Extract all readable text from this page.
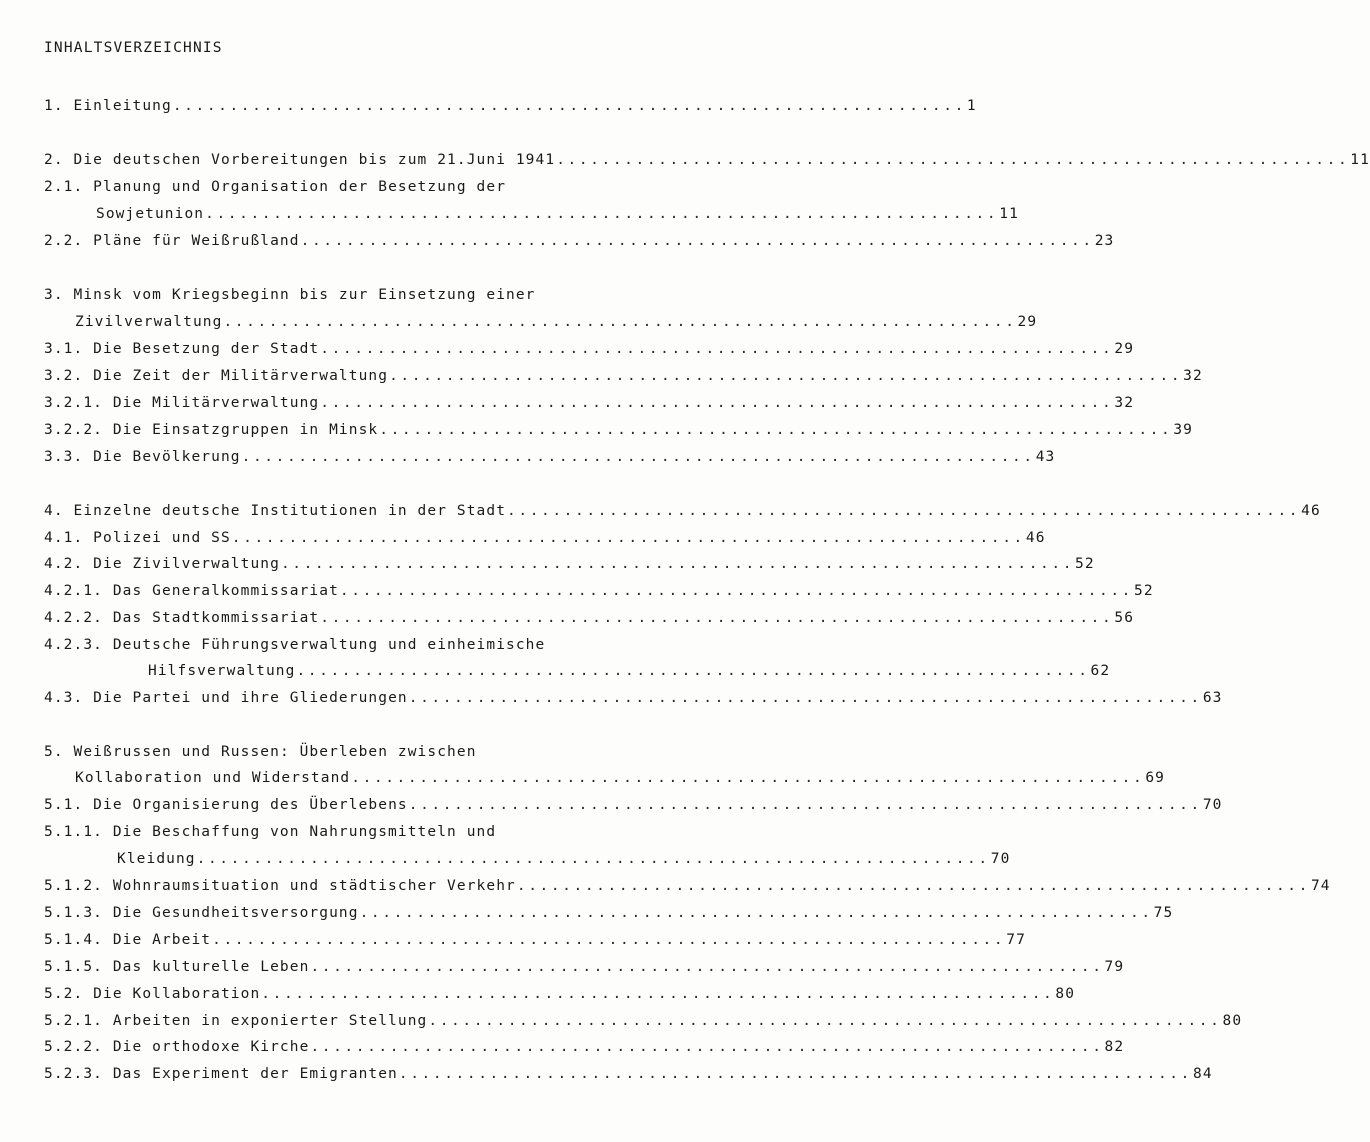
INHALTSVERZEICHNIS
1.
Einleitung ...................................................................... 1
2.
Die deutschen Vorbereitungen bis zum 21.Juni 1941 ...................................................................... 11
2.1. Planung und Organisation der Besetzung der
Sowjetunion ...................................................................... 11
2.2.
Pläne für Weißrußland ...................................................................... 23
3. Minsk vom Kriegsbeginn bis zur Einsetzung einer
Zivilverwaltung ...................................................................... 29
3.1.
Die Besetzung der Stadt ...................................................................... 29
3.2.
Die Zeit der Militärverwaltung ...................................................................... 32
3.2.1.
Die Militärverwaltung ...................................................................... 32
3.2.2.
Die Einsatzgruppen in Minsk ...................................................................... 39
3.3.
Die Bevölkerung ...................................................................... 43
4.
Einzelne deutsche Institutionen in der Stadt ...................................................................... 46
4.1.
Polizei und SS ...................................................................... 46
4.2.
Die Zivilverwaltung ...................................................................... 52
4.2.1.
Das Generalkommissariat ...................................................................... 52
4.2.2.
Das Stadtkommissariat ...................................................................... 56
4.2.3. Deutsche Führungsverwaltung und einheimische
Hilfsverwaltung ...................................................................... 62
4.3.
Die Partei und ihre Gliederungen ...................................................................... 63
5. Weißrussen und Russen: Überleben zwischen
Kollaboration und Widerstand ...................................................................... 69
5.1.
Die Organisierung des Überlebens ...................................................................... 70
5.1.1. Die Beschaffung von Nahrungsmitteln und
Kleidung ...................................................................... 70
5.1.2.
Wohnraumsituation und städtischer Verkehr ...................................................................... 74
5.1.3.
Die Gesundheitsversorgung ...................................................................... 75
5.1.4.
Die Arbeit ...................................................................... 77
5.1.5.
Das kulturelle Leben ...................................................................... 79
5.2.
Die Kollaboration ...................................................................... 80
5.2.1.
Arbeiten in exponierter Stellung ...................................................................... 80
5.2.2.
Die orthodoxe Kirche ...................................................................... 82
5.2.3.
Das Experiment der Emigranten ...................................................................... 84
